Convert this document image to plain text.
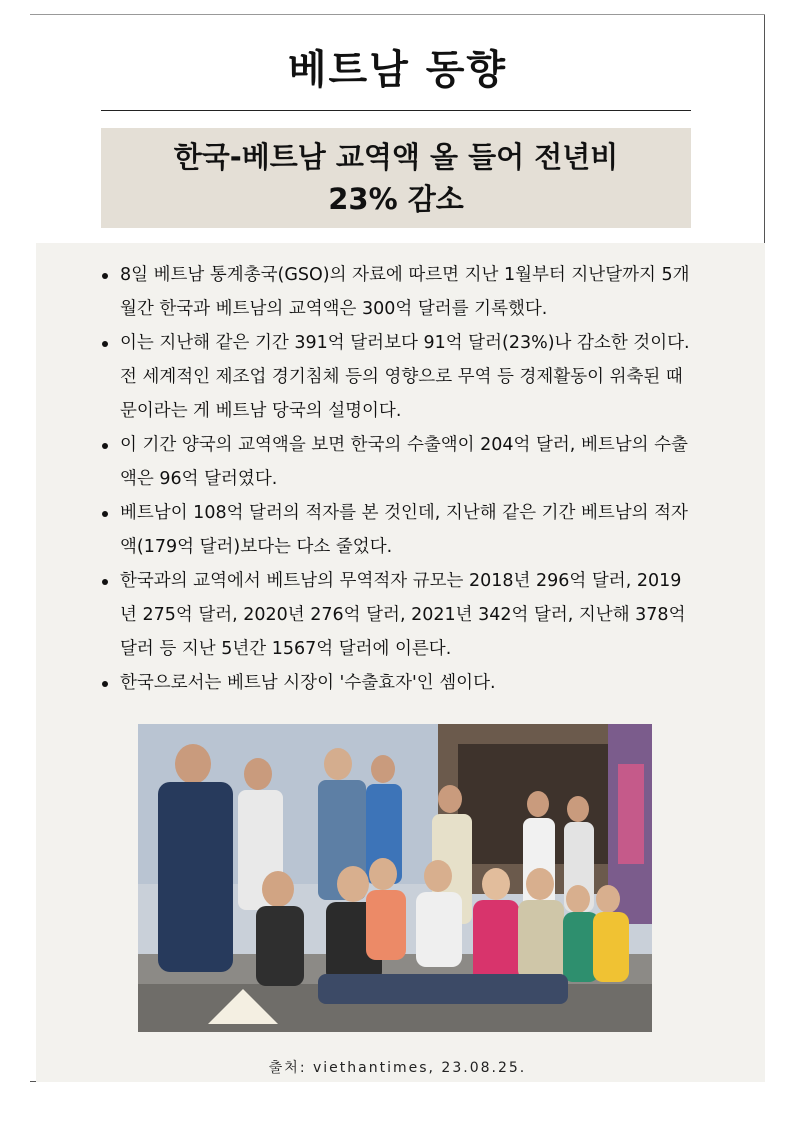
베트남 동향
한국-베트남 교역액 올 들어 전년비
23% 감소
8일 베트남 통계총국(GSO)의 자료에 따르면 지난 1월부터 지난달까지 5개월간 한국과 베트남의 교역액은 300억 달러를 기록했다.
이는 지난해 같은 기간 391억 달러보다 91억 달러(23%)나 감소한 것이다. 전 세계적인 제조업 경기침체 등의 영향으로 무역 등 경제활동이 위축된 때문이라는 게 베트남 당국의 설명이다.
이 기간 양국의 교역액을 보면 한국의 수출액이 204억 달러, 베트남의 수출액은 96억 달러였다.
베트남이 108억 달러의 적자를 본 것인데, 지난해 같은 기간 베트남의 적자액(179억 달러)보다는 다소 줄었다.
한국과의 교역에서 베트남의 무역적자 규모는 2018년 296억 달러, 2019년 275억 달러, 2020년 276억 달러, 2021년 342억 달러, 지난해 378억 달러 등 지난 5년간 1567억 달러에 이른다.
한국으로서는 베트남 시장이 '수출효자'인 셈이다.
출처: viethantimes, 23.08.25.
